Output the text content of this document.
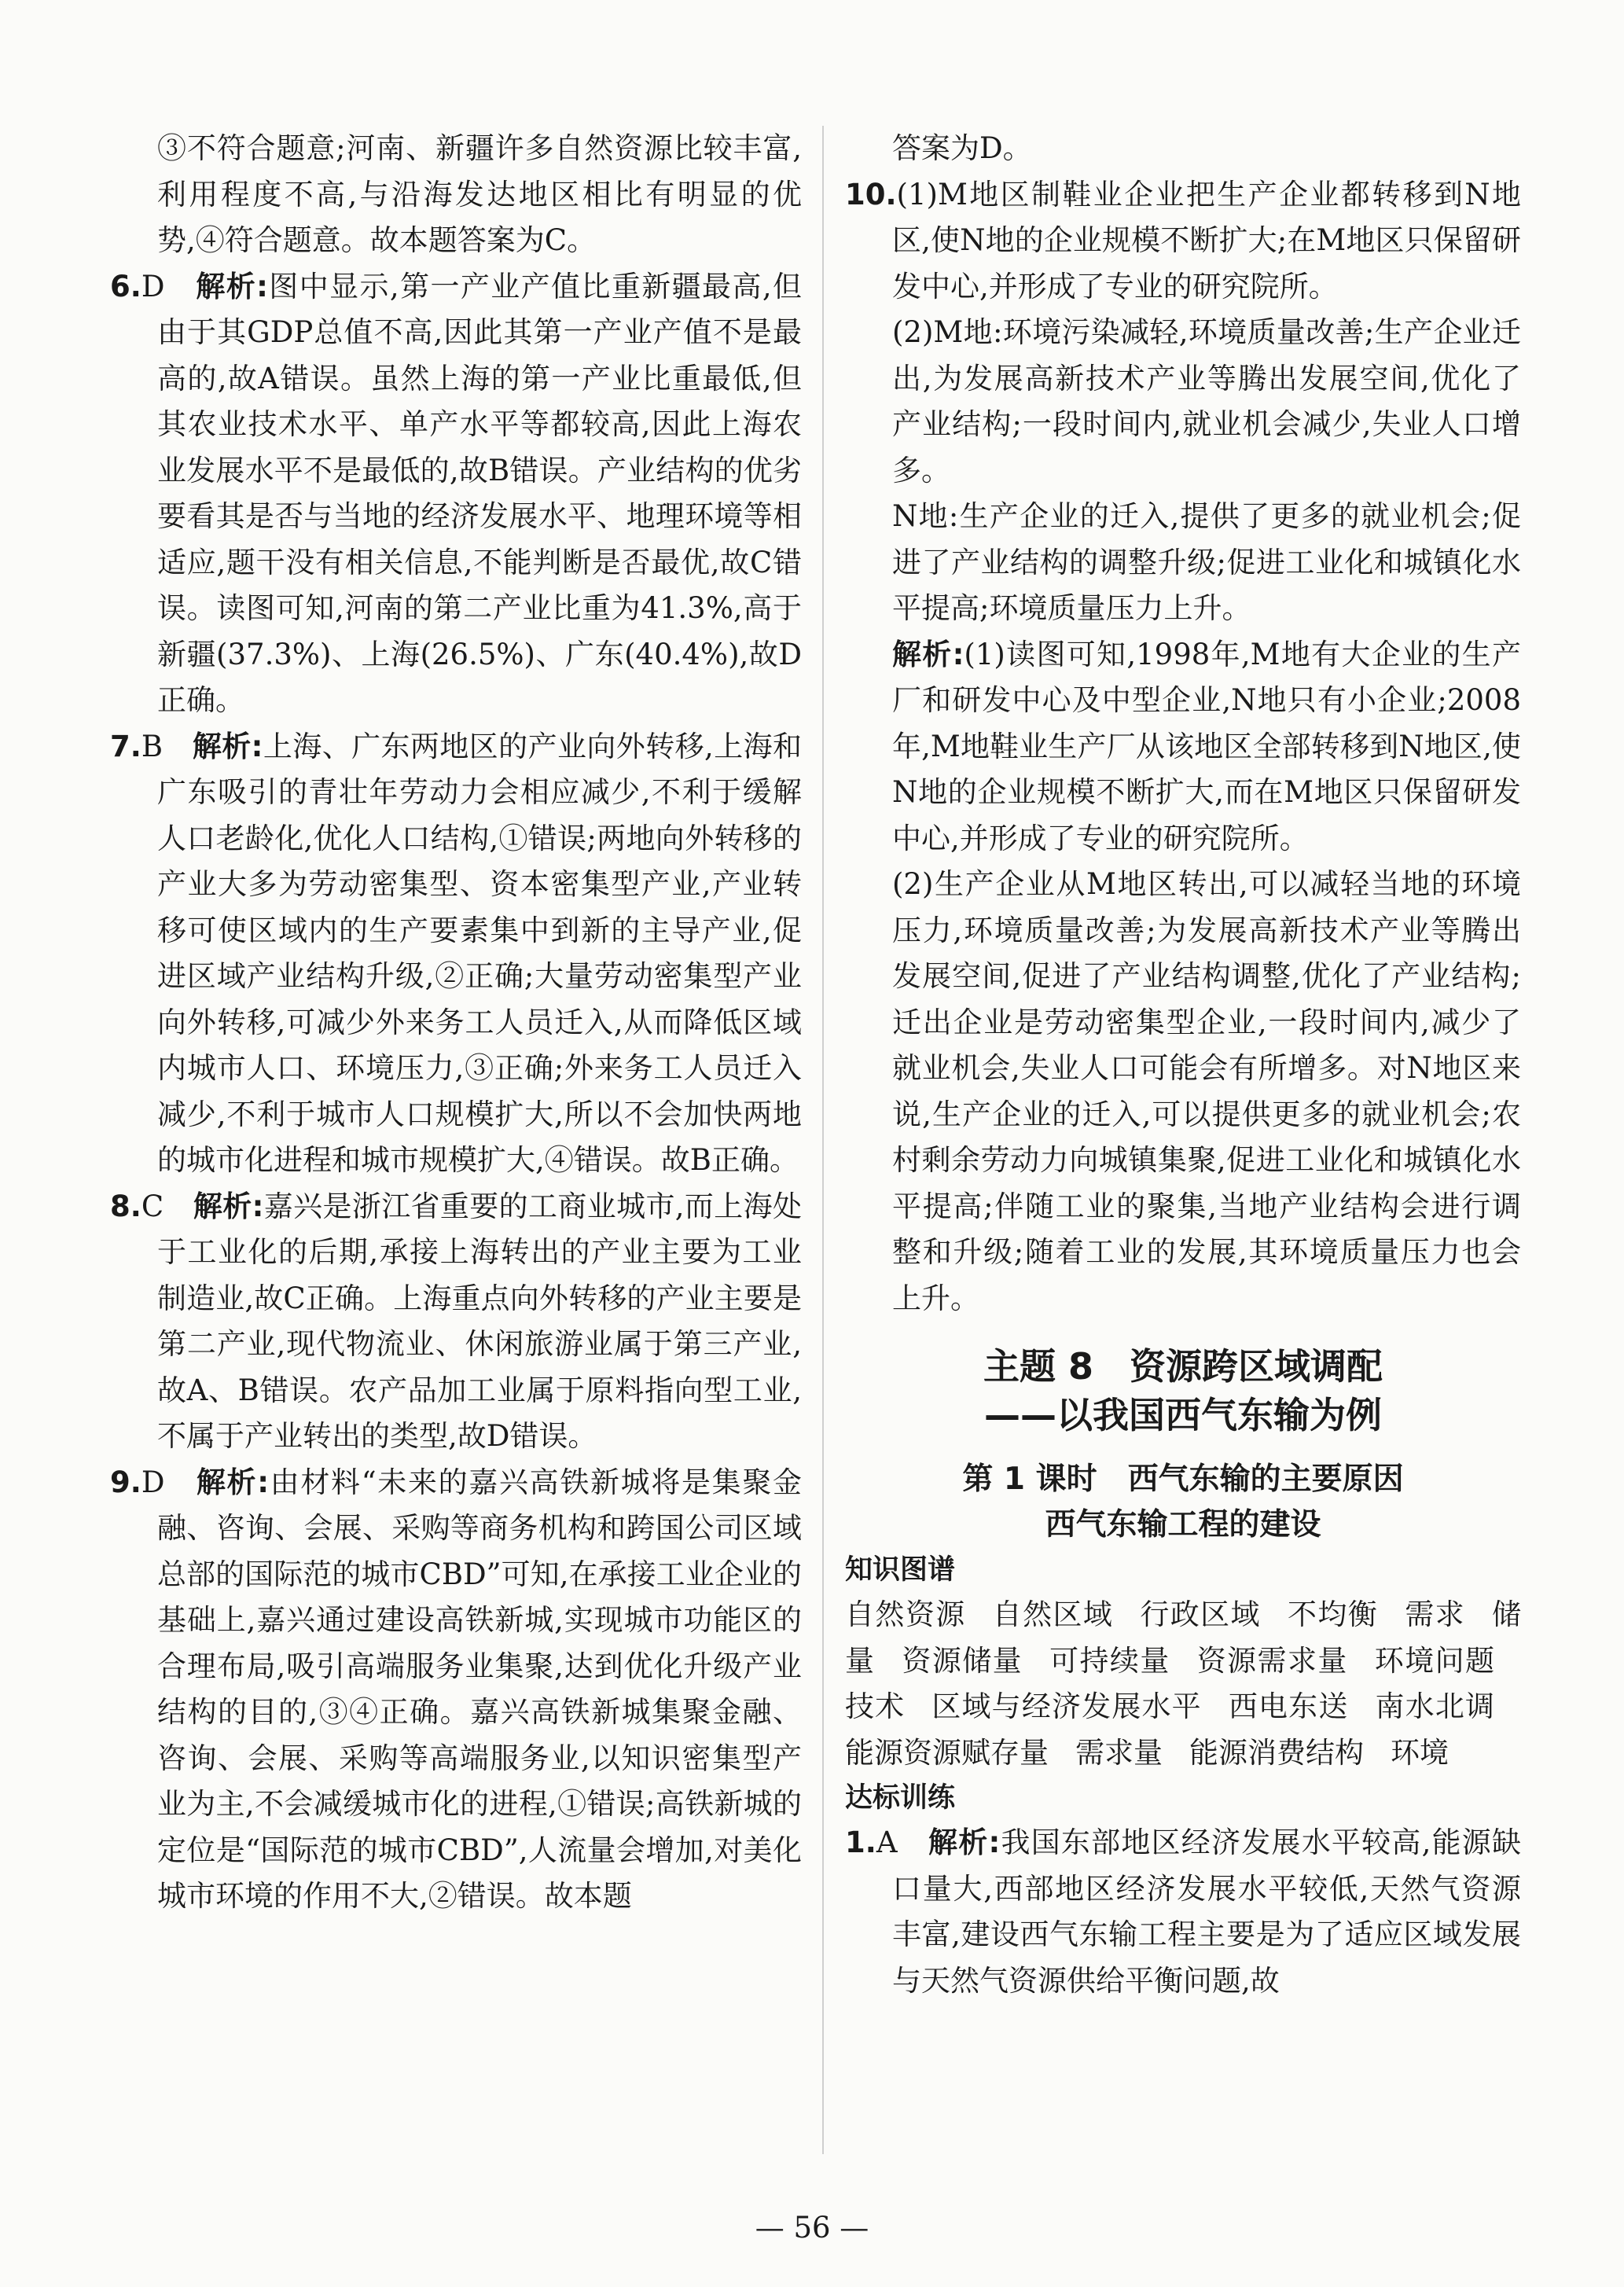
③不符合题意;河南、新疆许多自然资源比较丰富,利用程度不高,与沿海发达地区相比有明显的优势,④符合题意。故本题答案为C。

6.D　 解析:图中显示,第一产业产值比重新疆最高,但由于其GDP总值不高,因此其第一产业产值不是最高的,故A错误。虽然上海的第一产业比重最低,但其农业技术水平、单产水平等都较高,因此上海农业发展水平不是最低的,故B错误。产业结构的优劣要看其是否与当地的经济发展水平、地理环境等相适应,题干没有相关信息,不能判断是否最优,故C错误。读图可知,河南的第二产业比重为41.3%,高于新疆(37.3%)、上海(26.5%)、广东(40.4%),故D正确。

7.B　 解析:上海、广东两地区的产业向外转移,上海和广东吸引的青壮年劳动力会相应减少,不利于缓解人口老龄化,优化人口结构,①错误;两地向外转移的产业大多为劳动密集型、资本密集型产业,产业转移可使区域内的生产要素集中到新的主导产业,促进区域产业结构升级,②正确;大量劳动密集型产业向外转移,可减少外来务工人员迁入,从而降低区域内城市人口、环境压力,③正确;外来务工人员迁入减少,不利于城市人口规模扩大,所以不会加快两地的城市化进程和城市规模扩大,④错误。故B正确。

8.C　 解析:嘉兴是浙江省重要的工商业城市,而上海处于工业化的后期,承接上海转出的产业主要为工业制造业,故C正确。上海重点向外转移的产业主要是第二产业,现代物流业、休闲旅游业属于第三产业,故A、B错误。农产品加工业属于原料指向型工业,不属于产业转出的类型,故D错误。

9.D　 解析:由材料“未来的嘉兴高铁新城将是集聚金融、咨询、会展、采购等商务机构和跨国公司区域总部的国际范的城市CBD”可知,在承接工业企业的基础上,嘉兴通过建设高铁新城,实现城市功能区的合理布局,吸引高端服务业集聚,达到优化升级产业结构的目的,③④正确。嘉兴高铁新城集聚金融、咨询、会展、采购等高端服务业,以知识密集型产业为主,不会减缓城市化的进程,①错误;高铁新城的定位是“国际范的城市CBD”,人流量会增加,对美化城市环境的作用不大,②错误。故本题

答案为D。

10.(1)M地区制鞋业企业把生产企业都转移到N地区,使N地的企业规模不断扩大;在M地区只保留研发中心,并形成了专业的研究院所。

(2)M地:环境污染减轻,环境质量改善;生产企业迁出,为发展高新技术产业等腾出发展空间,优化了产业结构;一段时间内,就业机会减少,失业人口增多。

N地:生产企业的迁入,提供了更多的就业机会;促进了产业结构的调整升级;促进工业化和城镇化水平提高;环境质量压力上升。

解析:(1)读图可知,1998年,M地有大企业的生产厂和研发中心及中型企业,N地只有小企业;2008年,M地鞋业生产厂从该地区全部转移到N地区,使N地的企业规模不断扩大,而在M地区只保留研发中心,并形成了专业的研究院所。

(2)生产企业从M地区转出,可以减轻当地的环境压力,环境质量改善;为发展高新技术产业等腾出发展空间,促进了产业结构调整,优化了产业结构;迁出企业是劳动密集型企业,一段时间内,减少了就业机会,失业人口可能会有所增多。对N地区来说,生产企业的迁入,可以提供更多的就业机会;农村剩余劳动力向城镇集聚,促进工业化和城镇化水平提高;伴随工业的聚集,当地产业结构会进行调整和升级;随着工业的发展,其环境质量压力也会上升。

主题 8　资源跨区域调配

——以我国西气东输为例

第 1 课时　西气东输的主要原因

西气东输工程的建设

知识图谱

自然资源 自然区域 行政区域 不均衡 需求 储量 资源储量 可持续量 资源需求量 环境问题技术 区域与经济发展水平 西电东送 南水北调能源资源赋存量 需求量 能源消费结构 环境

达标训练

1.A　 解析:我国东部地区经济发展水平较高,能源缺口量大,西部地区经济发展水平较低,天然气资源丰富,建设西气东输工程主要是为了适应区域发展与天然气资源供给平衡问题,故

— 56 —
